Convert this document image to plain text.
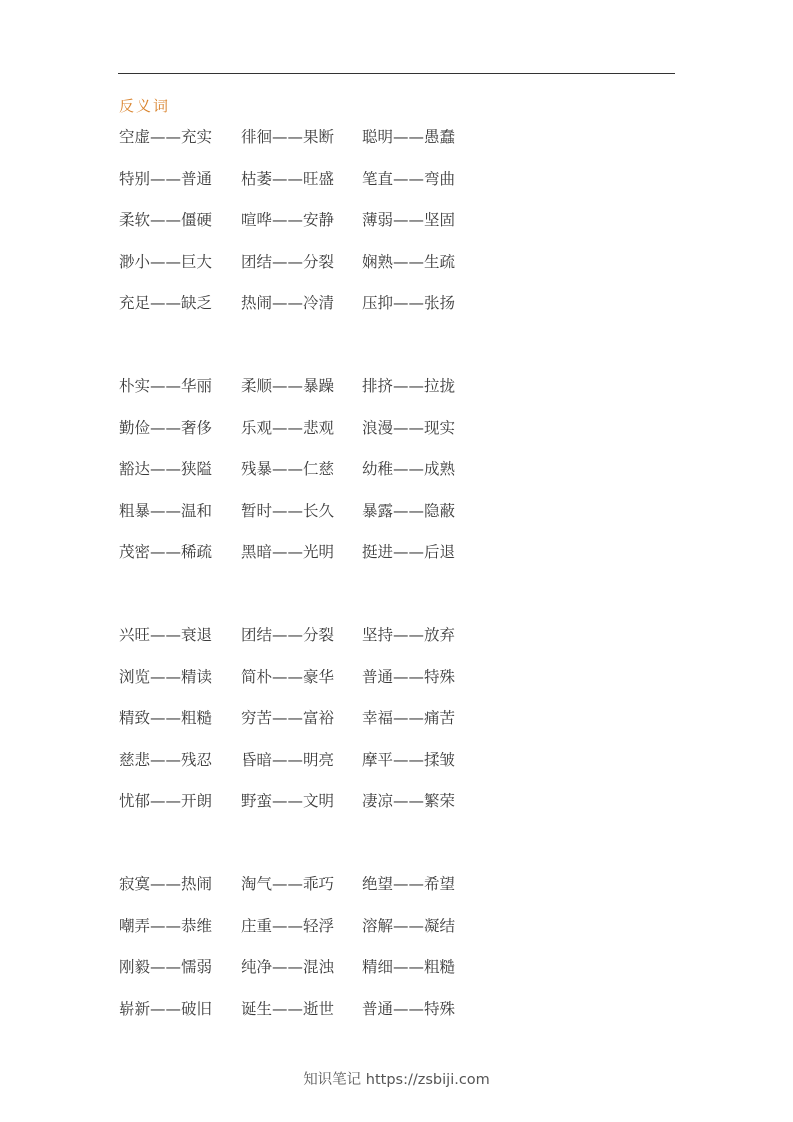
反义词
空虚——充实	徘徊——果断	聪明——愚蠢
特别——普通	枯萎——旺盛	笔直——弯曲
柔软——僵硬	喧哗——安静	薄弱——坚固
渺小——巨大	团结——分裂	娴熟——生疏
充足——缺乏	热闹——冷清	压抑——张扬
朴实——华丽	柔顺——暴躁	排挤——拉拢
勤俭——奢侈	乐观——悲观	浪漫——现实
豁达——狭隘	残暴——仁慈	幼稚——成熟
粗暴——温和	暂时——长久	暴露——隐蔽
茂密——稀疏	黑暗——光明	挺进——后退
兴旺——衰退	团结——分裂	坚持——放弃
浏览——精读	简朴——豪华	普通——特殊
精致——粗糙	穷苦——富裕	幸福——痛苦
慈悲——残忍	昏暗——明亮	摩平——揉皱
忧郁——开朗	野蛮——文明	凄凉——繁荣
寂寞——热闹	淘气——乖巧	绝望——希望
嘲弄——恭维	庄重——轻浮	溶解——凝结
刚毅——懦弱	纯净——混浊	精细——粗糙
崭新——破旧	诞生——逝世	普通——特殊
知识笔记 https://zsbiji.com
